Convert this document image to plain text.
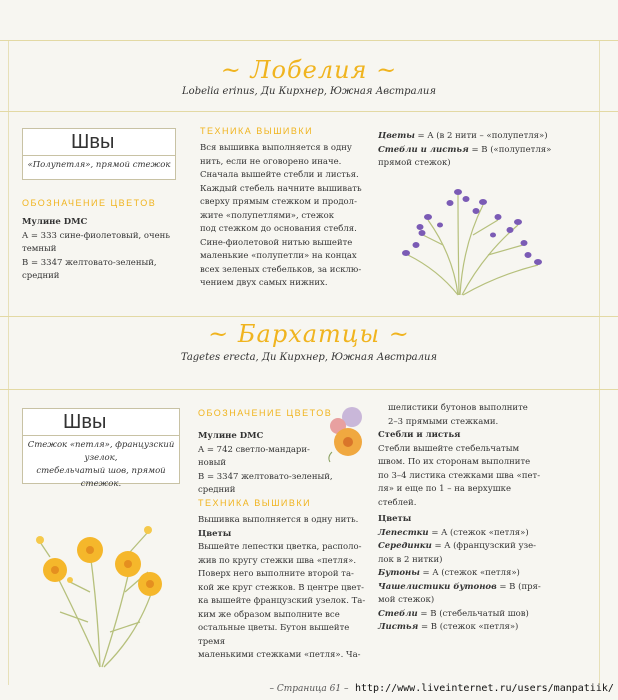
~ Лобелия ~
Lobelia erinus, Ди Кирхнер, Южная Австралия
Швы
«Полупетля», прямой стежок
ОБОЗНАЧЕНИЕ ЦВЕТОВ
Мулине DMC
A = 333 сине-фиолетовый, очень
темный
B = 3347 желтовато-зеленый, средний
ТЕХНИКА ВЫШИВКИ
Вся вышивка выполняется в одну
нить, если не оговорено иначе.
Сначала вышейте стебли и листья.
Каждый стебель начните вышивать
сверху прямым стежком и продол-
жите «полупетлями», стежок
под стежком до основания стебля.
Сине-фиолетовой нитью вышейте
маленькие «полупетли» на концах
всех зеленых стебельков, за исклю-
чением двух самых нижних.
Цветы = A (в 2 нити – «полупетля»)
Стебли и листья = B («полупетля»
прямой стежок)
~ Бархатцы ~
Tagetes erecta, Ди Кирхнер, Южная Австралия
Швы
Стежок «петля», французский узелок,
стебельчатый шов, прямой стежок.
ОБОЗНАЧЕНИЕ ЦВЕТОВ
Мулине DMC
A = 742 светло-мандари-
новый
B = 3347 желтовато-зеленый, средний
ТЕХНИКА ВЫШИВКИ
Вышивка выполняется в одну нить.
Цветы
Вышейте лепестки цветка, располо-
жив по кругу стежки шва «петля».
Поверх него выполните второй та-
кой же круг стежков. В центре цвет-
ка вышейте французский узелок. Та-
ким же образом выполните все
остальные цветы. Бутон вышейте тремя
маленькими стежками «петля». Ча-
шелистики бутонов выполните
2–3 прямыми стежками.
Стебли и листья
Стебли вышейте стебельчатым
швом. По их сторонам выполните
по 3–4 листика стежками шва «пет-
ля» и еще по 1 – на верхушке
стеблей.
Цветы
Лепестки = A (стежок «петля»)
Серединки = A (французский узе-
лок в 2 нитки)
Бутоны = A (стежок «петля»)
Чашелистики бутонов = B (пря-
мой стежок)
Стебли = B (стебельчатый шов)
Листья = B (стежок «петля»)
– Страница 61 – http://www.liveinternet.ru/users/manpatiik/
